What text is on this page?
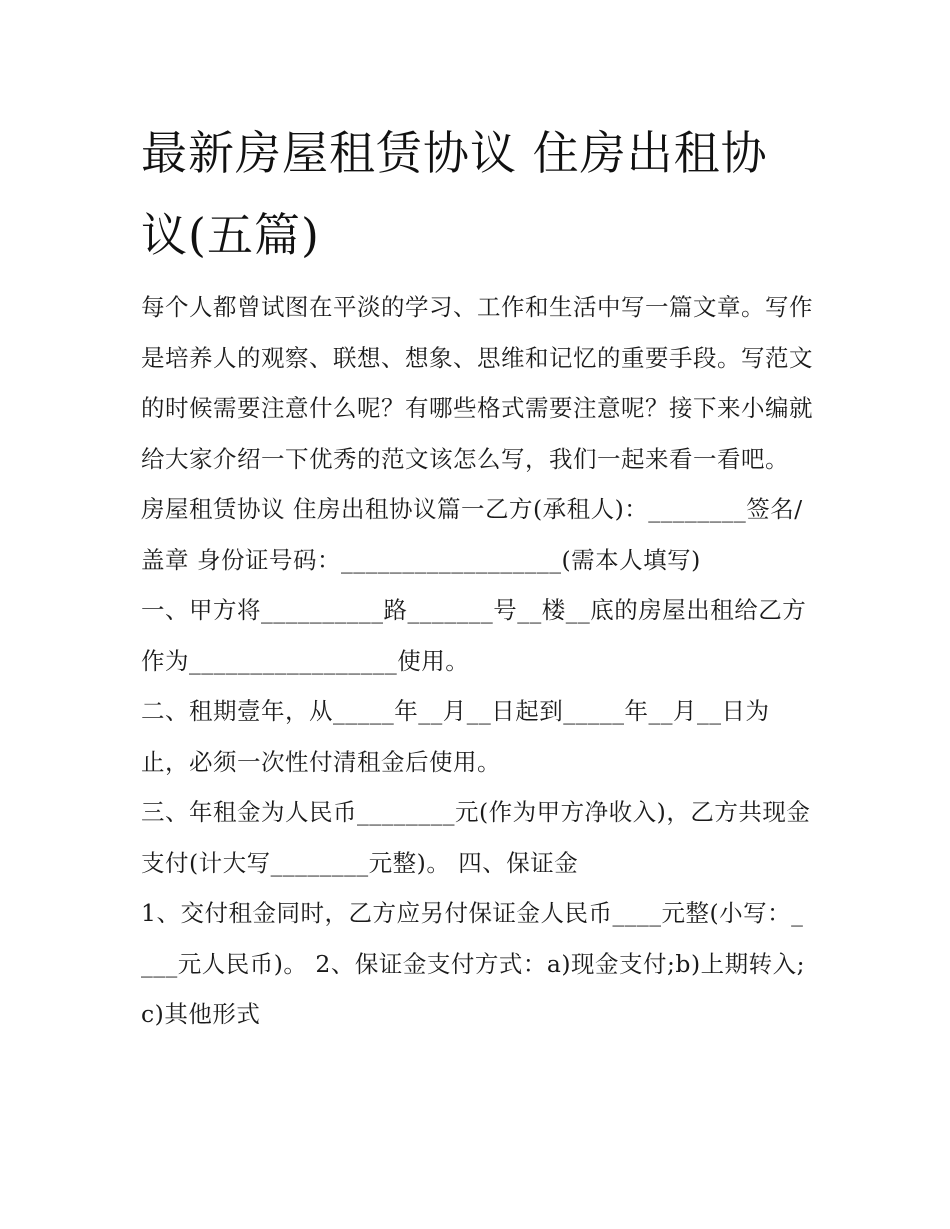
最新房屋租赁协议 住房出租协议(五篇)

每个人都曾试图在平淡的学习、工作和生活中写一篇文章。写作是培养人的观察、联想、想象、思维和记忆的重要手段。写范文的时候需要注意什么呢？有哪些格式需要注意呢？接下来小编就给大家介绍一下优秀的范文该怎么写，我们一起来看一看吧。

房屋租赁协议 住房出租协议篇一乙方(承租人)：________签名/盖章 身份证号码：__________________(需本人填写)

一、甲方将__________路_______号__楼__底的房屋出租给乙方作为_________________使用。

二、租期壹年，从_____年__月__日起到_____年__月__日为止，必须一次性付清租金后使用。

三、年租金为人民币________元(作为甲方净收入)，乙方共现金支付(计大写________元整)。 四、保证金

1、交付租金同时，乙方应另付保证金人民币____元整(小写：____元人民币)。 2、保证金支付方式：a)现金支付;b)上期转入;c)其他形式
